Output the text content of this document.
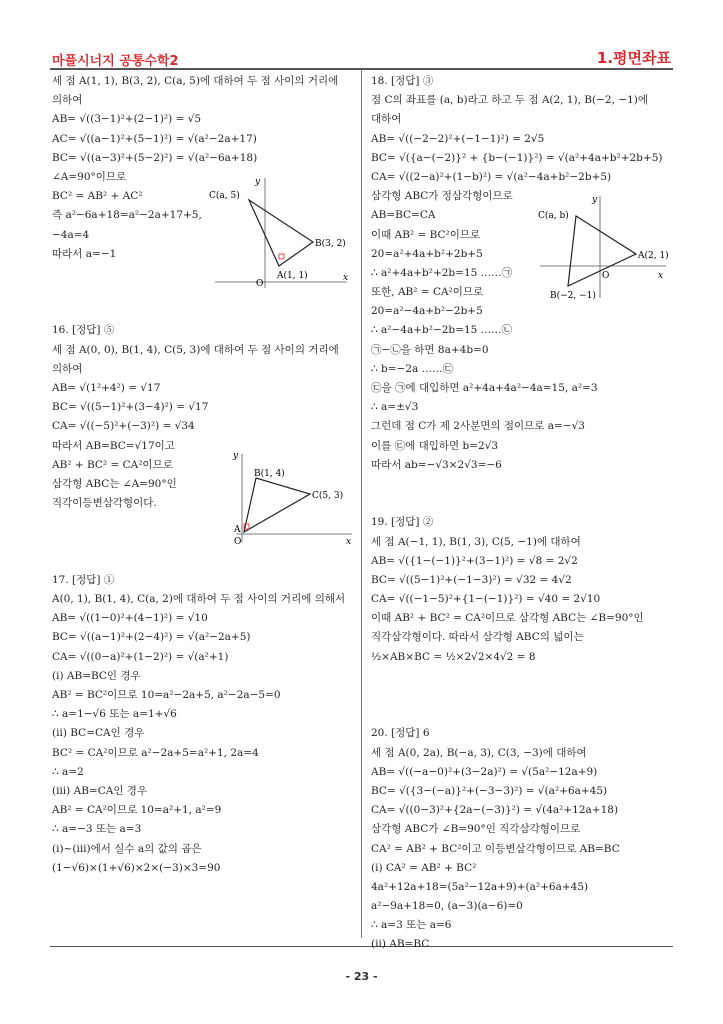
마플시너지 공통수학2	1.평면좌표
- 23 -
세 점 A(1, 1), B(3, 2), C(a, 5)에 대하여 두 점 사이의 거리에
의하여
AB= √((3−1)²+(2−1)²) = √5
AC= √((a−1)²+(5−1)²) = √(a²−2a+17)
BC= √((a−3)²+(5−2)²) = √(a²−6a+18)
∠A=90°이므로
BC² = AB² + AC²
즉 a²−6a+18=a²−2a+17+5,
−4a=4
따라서 a=−1
16. [정답] ⑤
세 점 A(0, 0), B(1, 4), C(5, 3)에 대하여 두 점 사이의 거리에
의하여
AB= √(1²+4²) = √17
BC= √((5−1)²+(3−4)²) = √17
CA= √((−5)²+(−3)²) = √34
따라서 AB=BC=√17이고
AB² + BC² = CA²이므로
삼각형 ABC는 ∠A=90°인
직각이등변삼각형이다.
17. [정답] ①
A(0, 1), B(1, 4), C(a, 2)에 대하여 두 점 사이의 거리에 의해서
AB= √((1−0)²+(4−1)²) = √10
BC= √((a−1)²+(2−4)²) = √(a²−2a+5)
CA= √((0−a)²+(1−2)²) = √(a²+1)
(ⅰ) AB=BC인 경우
AB² = BC²이므로 10=a²−2a+5, a²−2a−5=0
∴ a=1−√6 또는 a=1+√6
(ⅱ) BC=CA인 경우
BC² = CA²이므로 a²−2a+5=a²+1, 2a=4
∴ a=2
(ⅲ) AB=CA인 경우
AB² = CA²이므로 10=a²+1, a²=9
∴ a=−3 또는 a=3
(ⅰ)~(ⅲ)에서 실수 a의 값의 곱은
(1−√6)×(1+√6)×2×(−3)×3=90
18. [정답] ③
점 C의 좌표를 (a, b)라고 하고 두 점 A(2, 1), B(−2, −1)에
대하여
AB= √((−2−2)²+(−1−1)²) = 2√5
BC= √({a−(−2)}² + {b−(−1)}²) = √(a²+4a+b²+2b+5)
CA= √((2−a)²+(1−b)²) = √(a²−4a+b²−2b+5)
삼각형 ABC가 정삼각형이므로
AB=BC=CA
이때 AB² = BC²이므로
20=a²+4a+b²+2b+5
∴ a²+4a+b²+2b=15 ……㉠
또한, AB² = CA²이므로
20=a²−4a+b²−2b+5
∴ a²−4a+b²−2b=15 ……㉡
㉠−㉡을 하면 8a+4b=0
∴ b=−2a ……㉢
㉢을 ㉠에 대입하면 a²+4a+4a²−4a=15, a²=3
∴ a=±√3
그런데 점 C가 제 2사분면의 점이므로 a=−√3
이를 ㉢에 대입하면 b=2√3
따라서 ab=−√3×2√3=−6
19. [정답] ②
세 점 A(−1, 1), B(1, 3), C(5, −1)에 대하여
AB= √({1−(−1)}²+(3−1)²) = √8 = 2√2
BC= √((5−1)²+(−1−3)²) = √32 = 4√2
CA= √((−1−5)²+{1−(−1)}²) = √40 = 2√10
이때 AB² + BC² = CA²이므로 삼각형 ABC는 ∠B=90°인
직각삼각형이다. 따라서 삼각형 ABC의 넓이는
½×AB×BC = ½×2√2×4√2 = 8
20. [정답] 6
세 점 A(0, 2a), B(−a, 3), C(3, −3)에 대하여
AB= √((−a−0)²+(3−2a)²) = √(5a²−12a+9)
BC= √({3−(−a)}²+(−3−3)²) = √(a²+6a+45)
CA= √((0−3)²+{2a−(−3)}²) = √(4a²+12a+18)
삼각형 ABC가 ∠B=90°인 직각삼각형이므로
CA² = AB² + BC²이고 이등변삼각형이므로 AB=BC
(ⅰ) CA² = AB² + BC²
4a²+12a+18=(5a²−12a+9)+(a²+6a+45)
a²−9a+18=0, (a−3)(a−6)=0
∴ a=3 또는 a=6
(ⅱ) AB=BC
C(a, 5)
B(3, 2)
A(1, 1)
O
x
y
B(1, 4)
C(5, 3)
A
O	x
y
C(a, b)
A(2, 1)
B(−2, −1)
O	x
y
